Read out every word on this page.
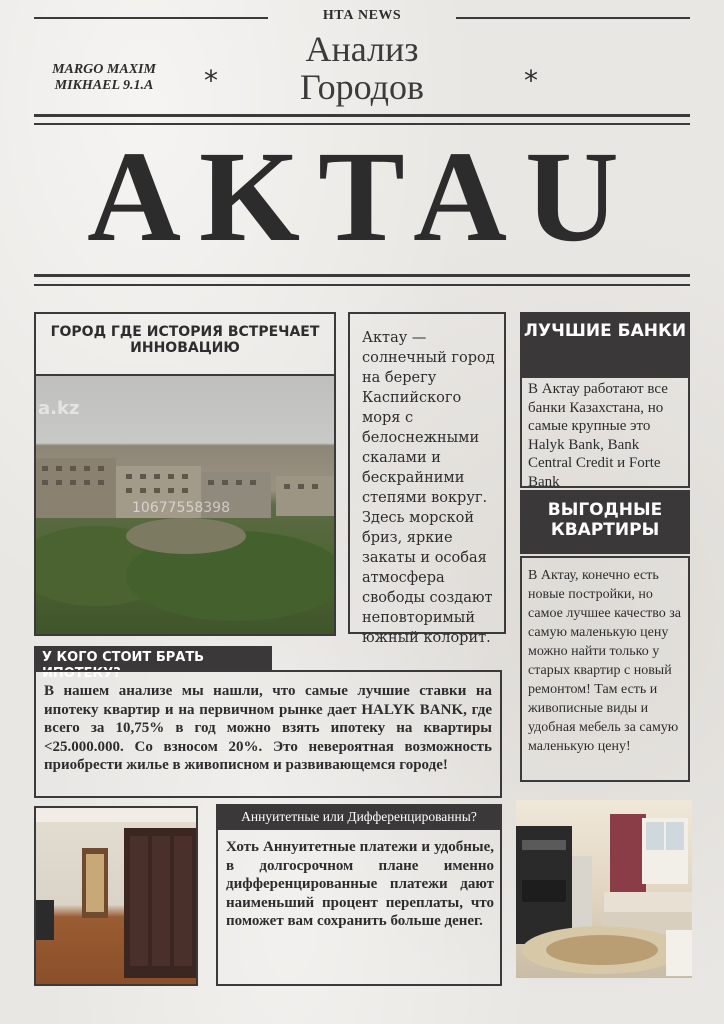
НТА NEWS
Анализ Городов
MARGO MAXIM MIKHAEL 9.1.A	*	*
AKTAU
ГОРОД ГДЕ ИСТОРИЯ ВСТРЕЧАЕТ ИННОВАЦИЮ
a.kz
10677558398
Актау — солнечный город на берегу Каспийского моря с белоснежными скалами и бескрайними степями вокруг. Здесь морской бриз, яркие закаты и особая атмосфера свободы создают неповторимый южный колорит.
ЛУЧШИЕ БАНКИ
В Актау работают все банки Казахстана, но самые крупные это Halyk Bank, Bank Central Credit и Forte Bank
ВЫГОДНЫЕ КВАРТИРЫ
В Актау, конечно есть новые постройки, но самое лучшее качество за самую маленькую цену можно найти только у старых квартир с новый ремонтом! Там есть и живописные виды и удобная мебель за самую маленькую цену!
У КОГО СТОИТ БРАТЬ ИПОТЕКУ?
В нашем анализе мы нашли, что самые лучшие ставки на ипотеку квартир и на первичном рынке дает HALYK BANK, где всего за 10,75% в год можно взять ипотеку на квартиры <25.000.000. Со взносом 20%. Это невероятная возможность приобрести жилье в живописном и развивающемся городе!
Аннуитетные или Дифференцированны?
Хоть Аннуитетные платежи и удобные, в долгосрочном плане именно дифференцированные платежи дают наименьший процент переплаты, что поможет вам сохранить больше денег.
